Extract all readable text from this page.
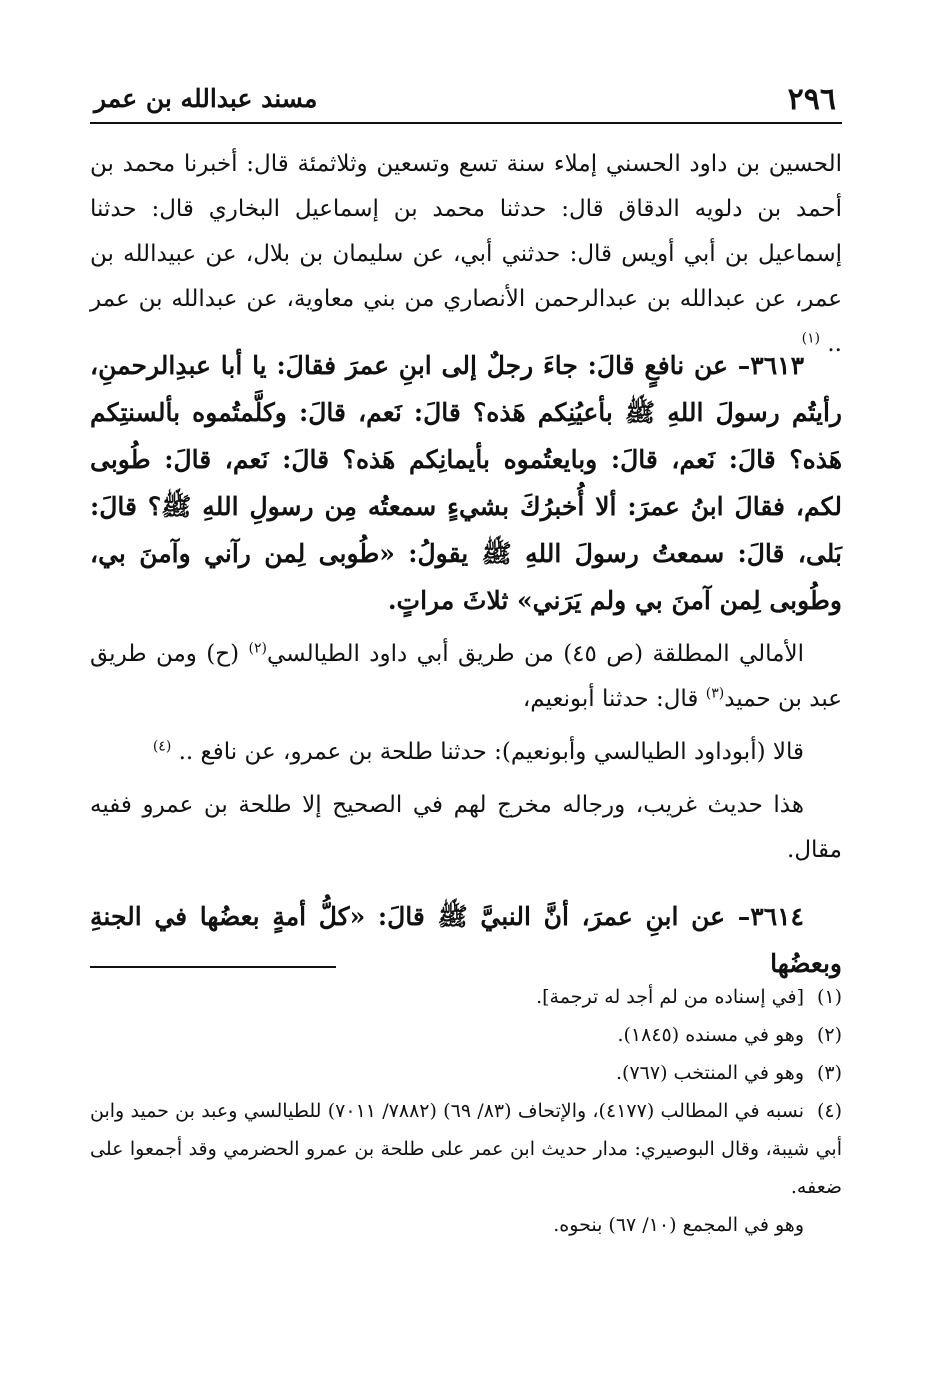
٢٩٦
مسند عبدالله بن عمر

الحسين بن داود الحسني إملاء سنة تسع وتسعين وثلاثمئة قال: أخبرنا محمد بن أحمد بن دلويه الدقاق قال: حدثنا محمد بن إسماعيل البخاري قال: حدثنا إسماعيل بن أبي أويس قال: حدثني أبي، عن سليمان بن بلال، عن عبيدالله بن عمر، عن عبدالله بن عبدالرحمن الأنصاري من بني معاوية، عن عبدالله بن عمر .. $^{(١)}$

٣٦١٣– عن نافعٍ قالَ: جاءَ رجلٌ إلى ابنِ عمرَ فقالَ: يا أبا عبدِالرحمنِ، رأيتُم رسولَ اللهِ ﷺ بأعيُنِكم هَذه؟ قالَ: نَعم، قالَ: وكلَّمتُموه بألسنتِكم هَذه؟ قالَ: نَعم، قالَ: وبايعتُموه بأيمانِكم هَذه؟ قالَ: نَعم، قالَ: طُوبى لكم، فقالَ ابنُ عمرَ: ألا أُخبرُكَ بشيءٍ سمعتُه مِن رسولِ اللهِ ﷺ؟ قالَ: بَلى، قالَ: سمعتُ رسولَ اللهِ ﷺ يقولُ: «طُوبى لِمن رآني وآمنَ بي، وطُوبى لِمن آمنَ بي ولم يَرَني» ثلاثَ مراتٍ.

الأمالي المطلقة (ص ٤٥) من طريق أبي داود الطيالسي$^{(٢)}$ (ح) ومن طريق عبد بن حميد$^{(٣)}$ قال: حدثنا أبونعيم،

قالا (أبوداود الطيالسي وأبونعيم): حدثنا طلحة بن عمرو، عن نافع .. $^{(٤)}$

هذا حديث غريب، ورجاله مخرج لهم في الصحيح إلا طلحة بن عمرو ففيه مقال.

٣٦١٤– عن ابنِ عمرَ، أنَّ النبيَّ ﷺ قالَ: «كلُّ أمةٍ بعضُها في الجنةِ وبعضُها

(١)[في إسناده من لم أجد له ترجمة].

(٢)وهو في مسنده (١٨٤٥).

(٣)وهو في المنتخب (٧٦٧).

(٤)نسبه في المطالب (٤١٧٧)، والإتحاف (٨٣/ ٦٩) (٧٨٨٢/ ٧٠١١) للطيالسي وعبد بن حميد وابن أبي شيبة، وقال البوصيري: مدار حديث ابن عمر على طلحة بن عمرو الحضرمي وقد أجمعوا على ضعفه.

وهو في المجمع (١٠/ ٦٧) بنحوه.
